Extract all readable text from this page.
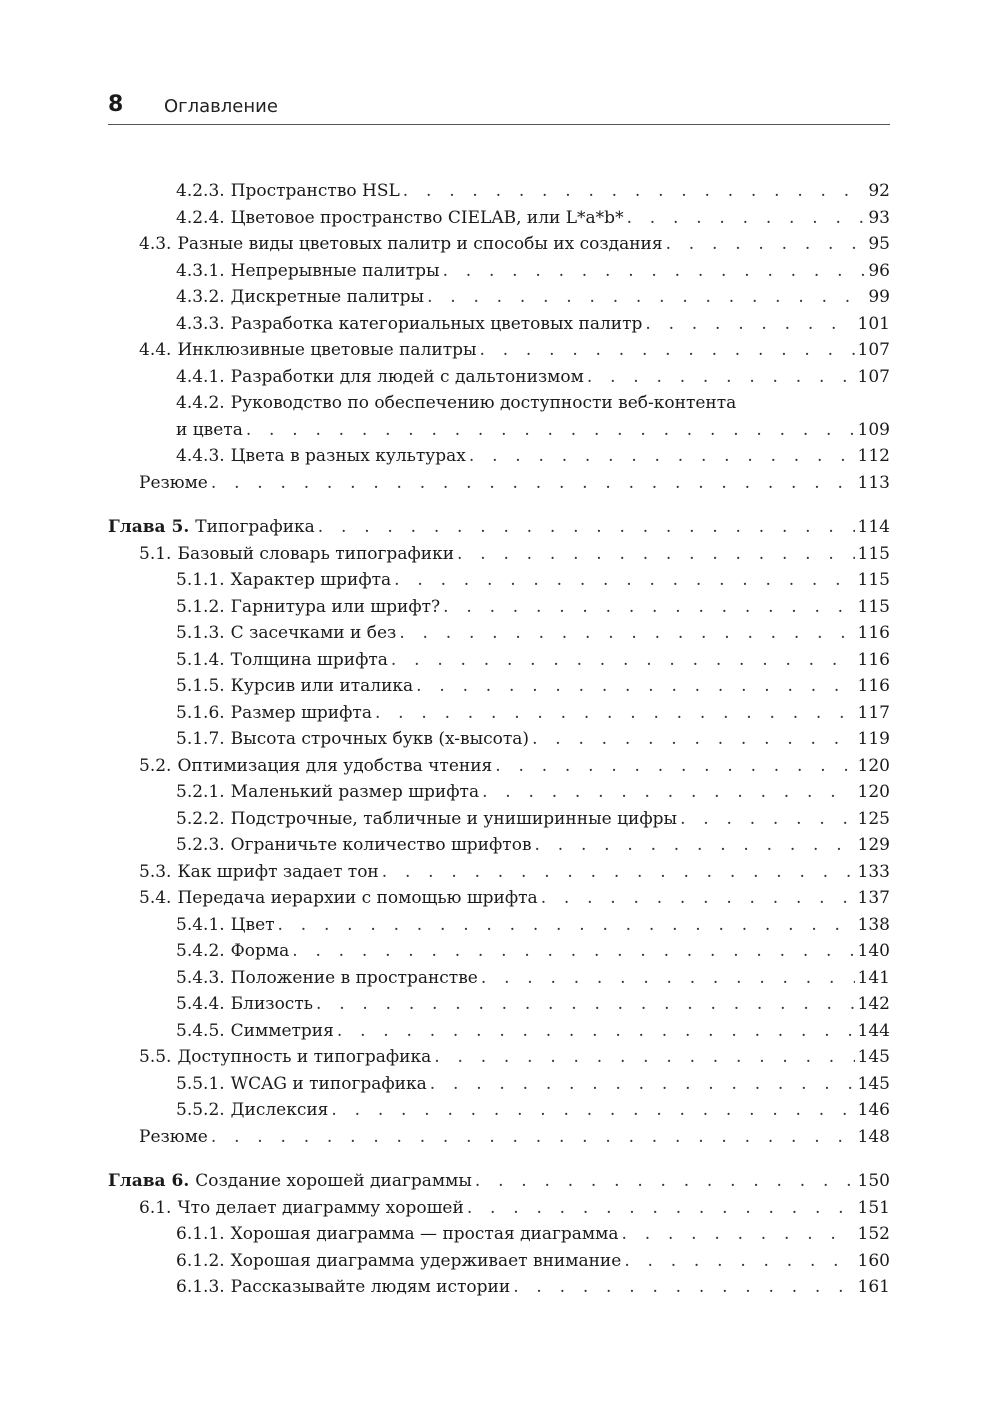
8 Оглавление
4.2.3. Пространство HSL . . .	92
4.2.4. Цветовое пространство CIELAB, или L*a*b* . . .	93
4.3. Разные виды цветовых палитр и способы их создания . . .	95
4.3.1. Непрерывные палитры . . .	96
4.3.2. Дискретные палитры . . .	99
4.3.3. Разработка категориальных цветовых палитр . . .	101
4.4. Инклюзивные цветовые палитры . . .	107
4.4.1. Разработки для людей с дальтонизмом . . .	107
4.4.2. Руководство по обеспечению доступности веб-контента
и цвета . . .	109
4.4.3. Цвета в разных культурах . . .	112
Резюме . . .	113
Глава 5. Типографика . . .	114
5.1. Базовый словарь типографики . . .	115
5.1.1. Характер шрифта . . .	115
5.1.2. Гарнитура или шрифт? . . .	115
5.1.3. С засечками и без . . .	116
5.1.4. Толщина шрифта . . .	116
5.1.5. Курсив или италика . . .	116
5.1.6. Размер шрифта . . .	117
5.1.7. Высота строчных букв (x-высота) . . .	119
5.2. Оптимизация для удобства чтения . . .	120
5.2.1. Маленький размер шрифта . . .	120
5.2.2. Подстрочные, табличные и униширинные цифры . . .	125
5.2.3. Ограничьте количество шрифтов . . .	129
5.3. Как шрифт задает тон . . .	133
5.4. Передача иерархии с помощью шрифта . . .	137
5.4.1. Цвет . . .	138
5.4.2. Форма . . .	140
5.4.3. Положение в пространстве . . .	141
5.4.4. Близость . . .	142
5.4.5. Симметрия . . .	144
5.5. Доступность и типографика . . .	145
5.5.1. WCAG и типографика . . .	145
5.5.2. Дислексия . . .	146
Резюме . . .	148
Глава 6. Создание хорошей диаграммы . . .	150
6.1. Что делает диаграмму хорошей . . .	151
6.1.1. Хорошая диаграмма — простая диаграмма . . .	152
6.1.2. Хорошая диаграмма удерживает внимание . . .	160
6.1.3. Рассказывайте людям истории . . .	161
